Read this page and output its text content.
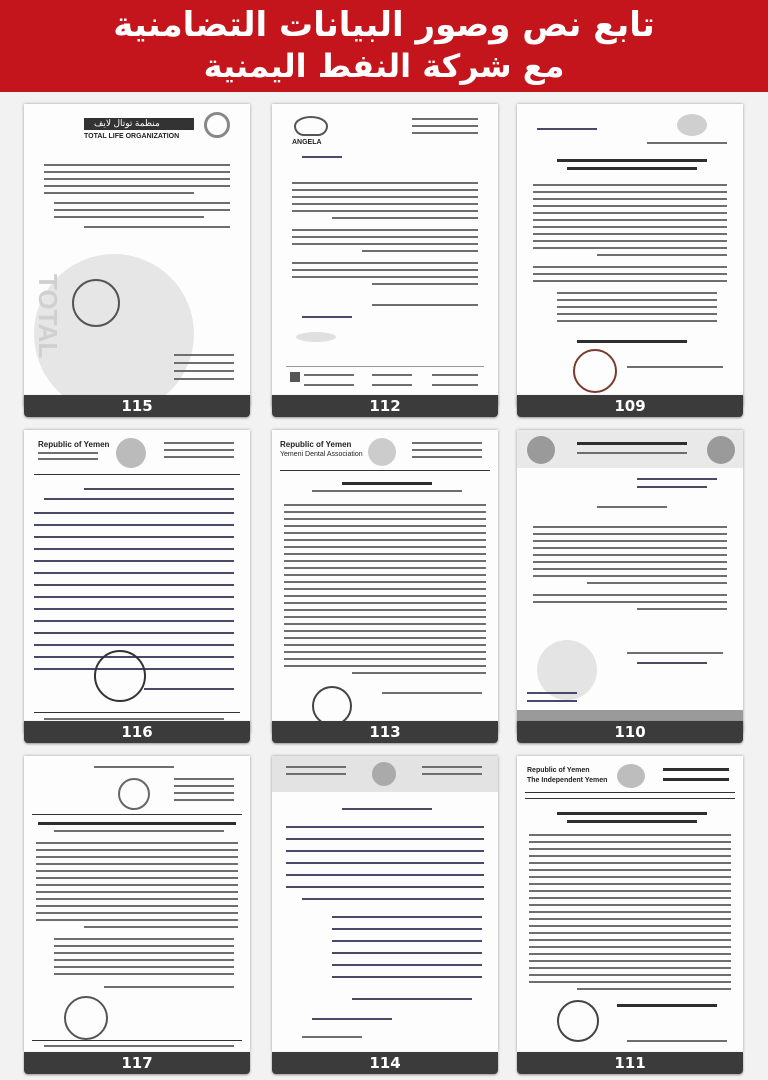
تابع نص وصور البيانات التضامنية
مع شركة النفط اليمنية
منظمة توتال لايف
TOTAL LIFE ORGANIZATION
TOTAL
115
ANGELA
112	109
Republic of Yemen
116
Republic of Yemen
Yemeni Dental Association
113	110
117	114
Republic of Yemen
The Independent Yemen
111
